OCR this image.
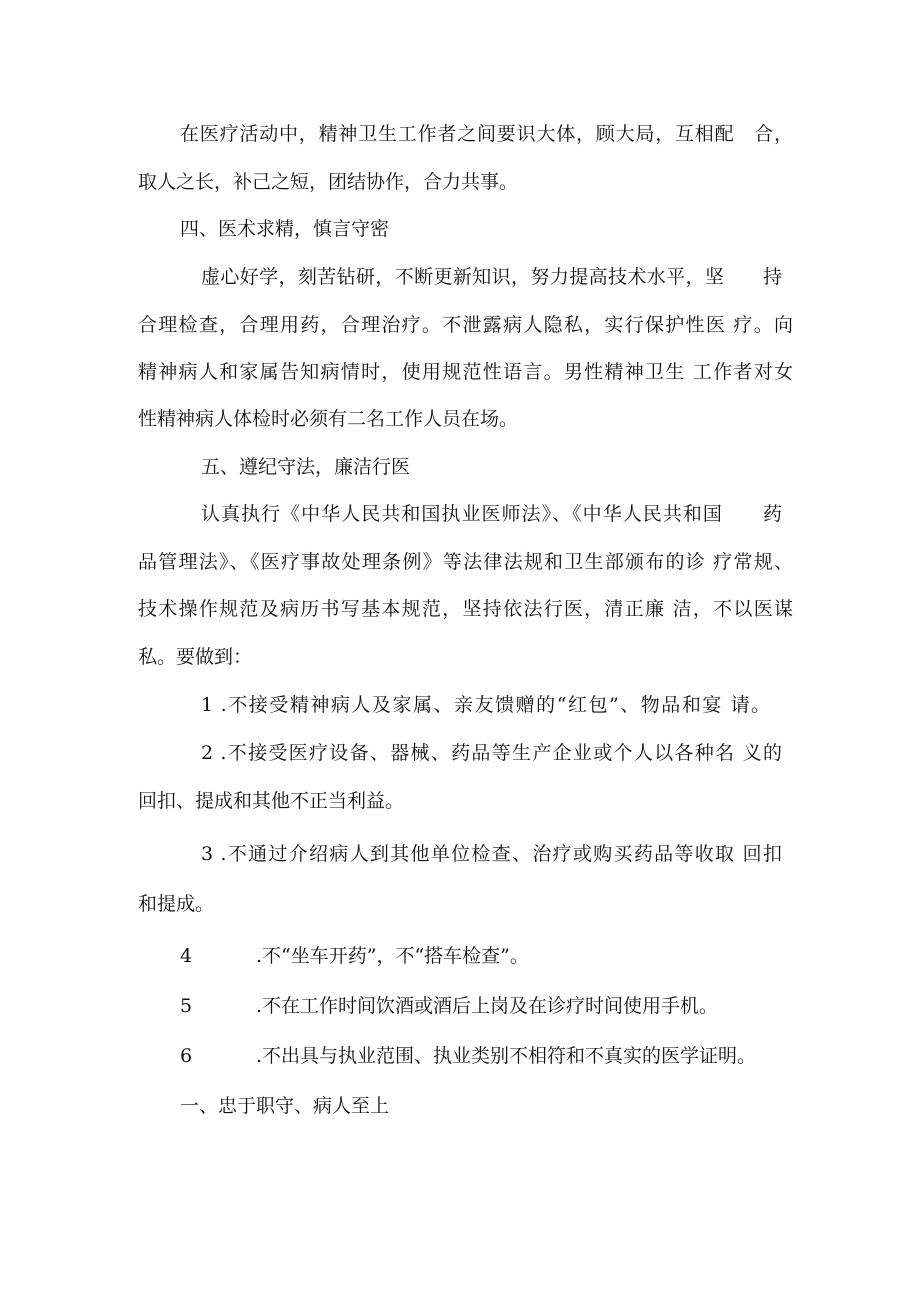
在医疗活动中，精神卫生工作者之间要识大体，顾大局，互相配　合，

取人之长，补己之短，团结协作，合力共事。

四、医术求精，慎言守密

虚心好学，刻苦钻研，不断更新知识，努力提高技术水平，坚　　持

合理检查，合理用药，合理治疗。不泄露病人隐私，实行保护性医 疗。向

精神病人和家属告知病情时，使用规范性语言。男性精神卫生 工作者对女

性精神病人体检时必须有二名工作人员在场。

五、遵纪守法，廉洁行医

认真执行《中华人民共和国执业医师法》、《中华人民共和国　　药

品管理法》、《医疗事故处理条例》等法律法规和卫生部颁布的诊 疗常规、

技术操作规范及病历书写基本规范，坚持依法行医，清正廉 洁，不以医谋

私。要做到：

1 .不接受精神病人及家属、亲友馈赠的“红包”、物品和宴 请。

2 .不接受医疗设备、器械、药品等生产企业或个人以各种名 义的

回扣、提成和其他不正当利益。

3 .不通过介绍病人到其他单位检查、治疗或购买药品等收取 回扣

和提成。

4	.不“坐车开药”，不“搭车检查”。

5	.不在工作时间饮酒或酒后上岗及在诊疗时间使用手机。

6	.不出具与执业范围、执业类别不相符和不真实的医学证明。

一、忠于职守、病人至上
